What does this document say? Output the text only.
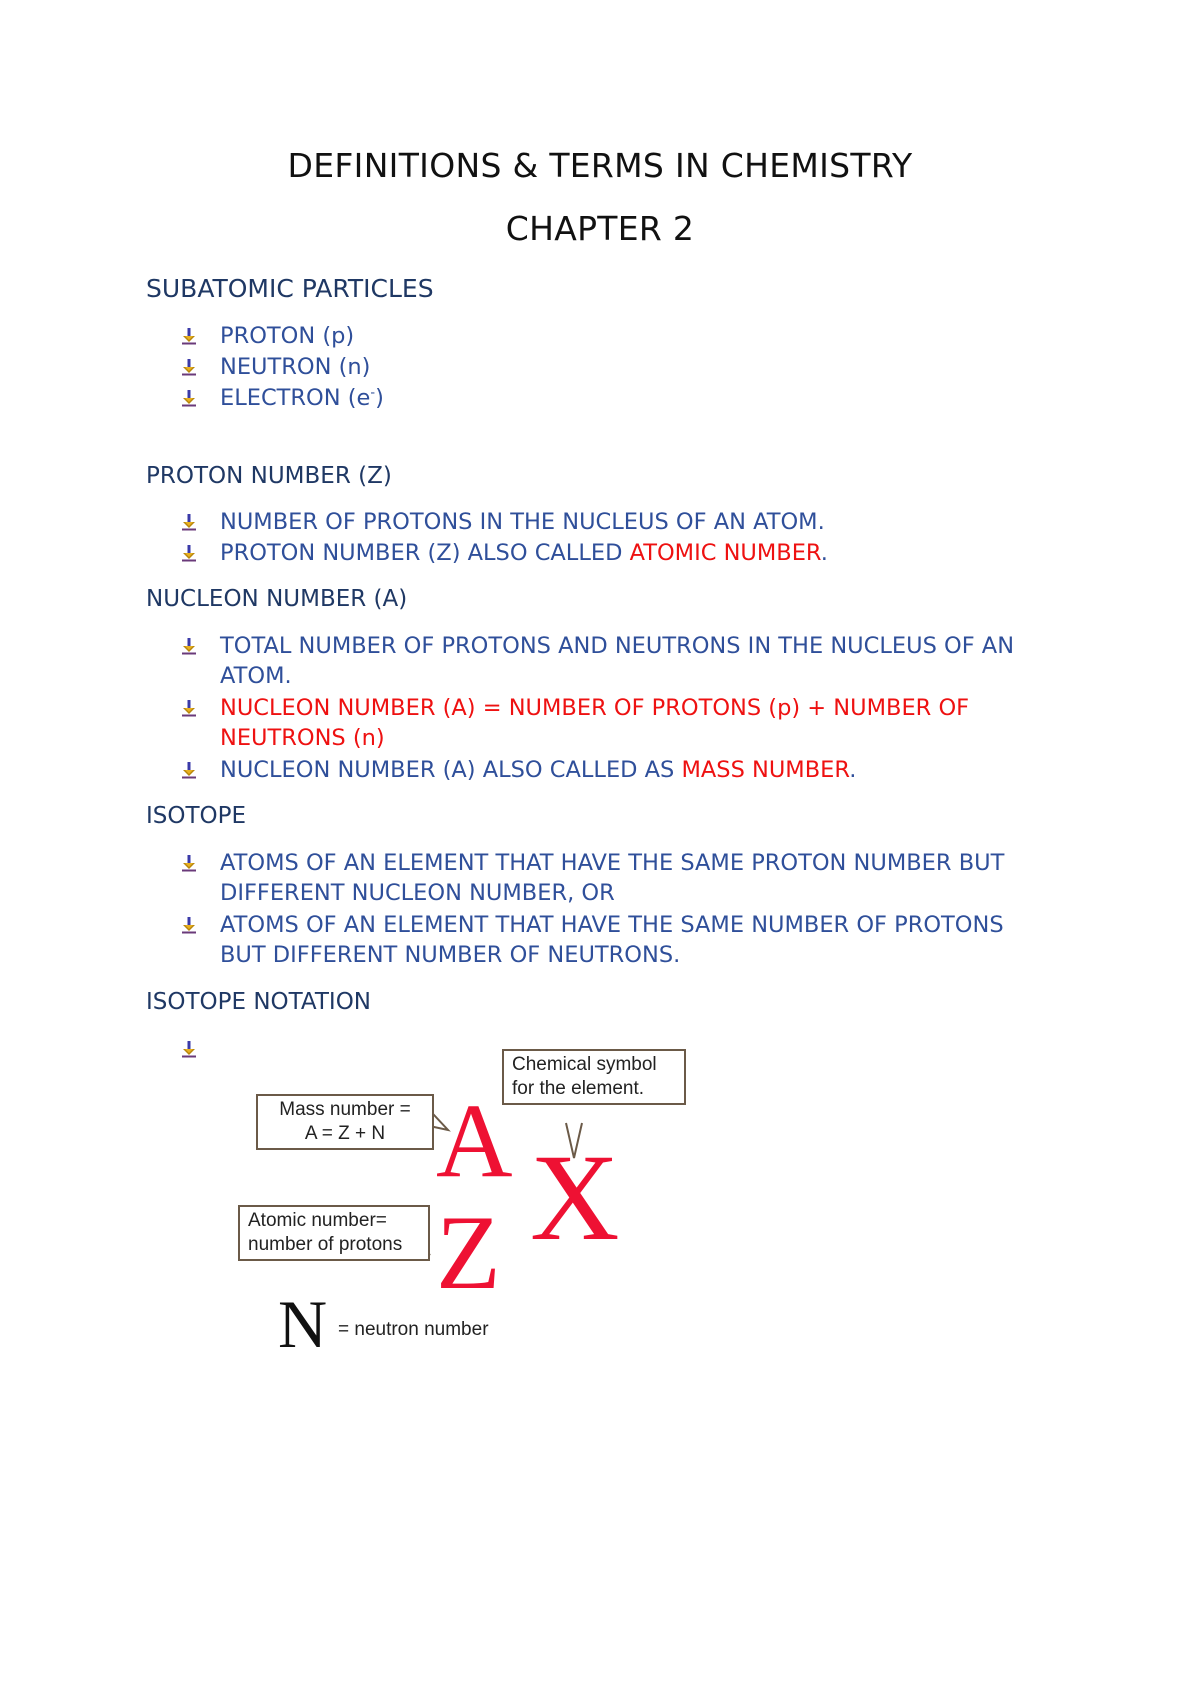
DEFINITIONS & TERMS IN CHEMISTRY
CHAPTER 2
SUBATOMIC PARTICLES
PROTON (p)
NEUTRON (n)
ELECTRON (e-)
PROTON NUMBER (Z)
NUMBER OF PROTONS IN THE NUCLEUS OF AN ATOM.
PROTON NUMBER (Z) ALSO CALLED ATOMIC NUMBER.
NUCLEON NUMBER (A)
TOTAL NUMBER OF PROTONS AND NEUTRONS IN THE NUCLEUS OF AN ATOM.
NUCLEON NUMBER (A) = NUMBER OF PROTONS (p) + NUMBER OF NEUTRONS (n)
NUCLEON NUMBER (A) ALSO CALLED AS MASS NUMBER.
ISOTOPE
ATOMS OF AN ELEMENT THAT HAVE THE SAME PROTON NUMBER BUT DIFFERENT NUCLEON NUMBER, OR
ATOMS OF AN ELEMENT THAT HAVE THE SAME NUMBER OF PROTONS BUT DIFFERENT NUMBER OF NEUTRONS.
ISOTOPE NOTATION
Mass number =
A = Z + N
Chemical symbol
for the element.
Atomic number=
number of protons
A X
Z
N = neutron number
